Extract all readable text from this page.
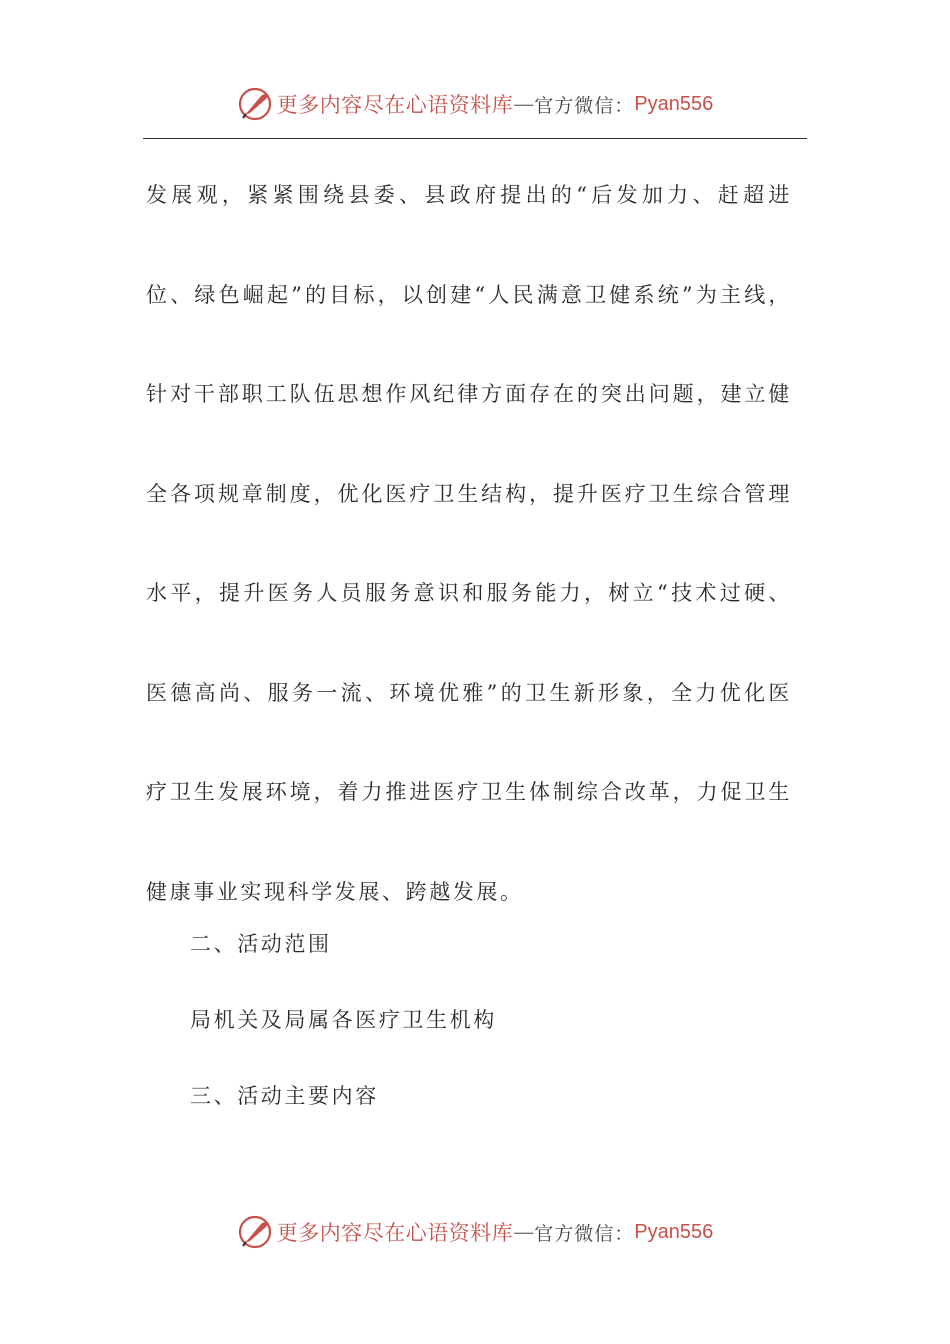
更多内容尽在心语资料库 — 官方微信： Pyan556

发展观，紧紧围绕县委、县政府提出的“后发加力、赶超进位、绿色崛起”的目标，以创建“人民满意卫健系统”为主线，针对干部职工队伍思想作风纪律方面存在的突出问题，建立健全各项规章制度，优化医疗卫生结构，提升医疗卫生综合管理水平，提升医务人员服务意识和服务能力，树立“技术过硬、医德高尚、服务一流、环境优雅”的卫生新形象，全力优化医疗卫生发展环境，着力推进医疗卫生体制综合改革，力促卫生健康事业实现科学发展、跨越发展。

二、活动范围

局机关及局属各医疗卫生机构

三、活动主要内容

更多内容尽在心语资料库 — 官方微信： Pyan556
